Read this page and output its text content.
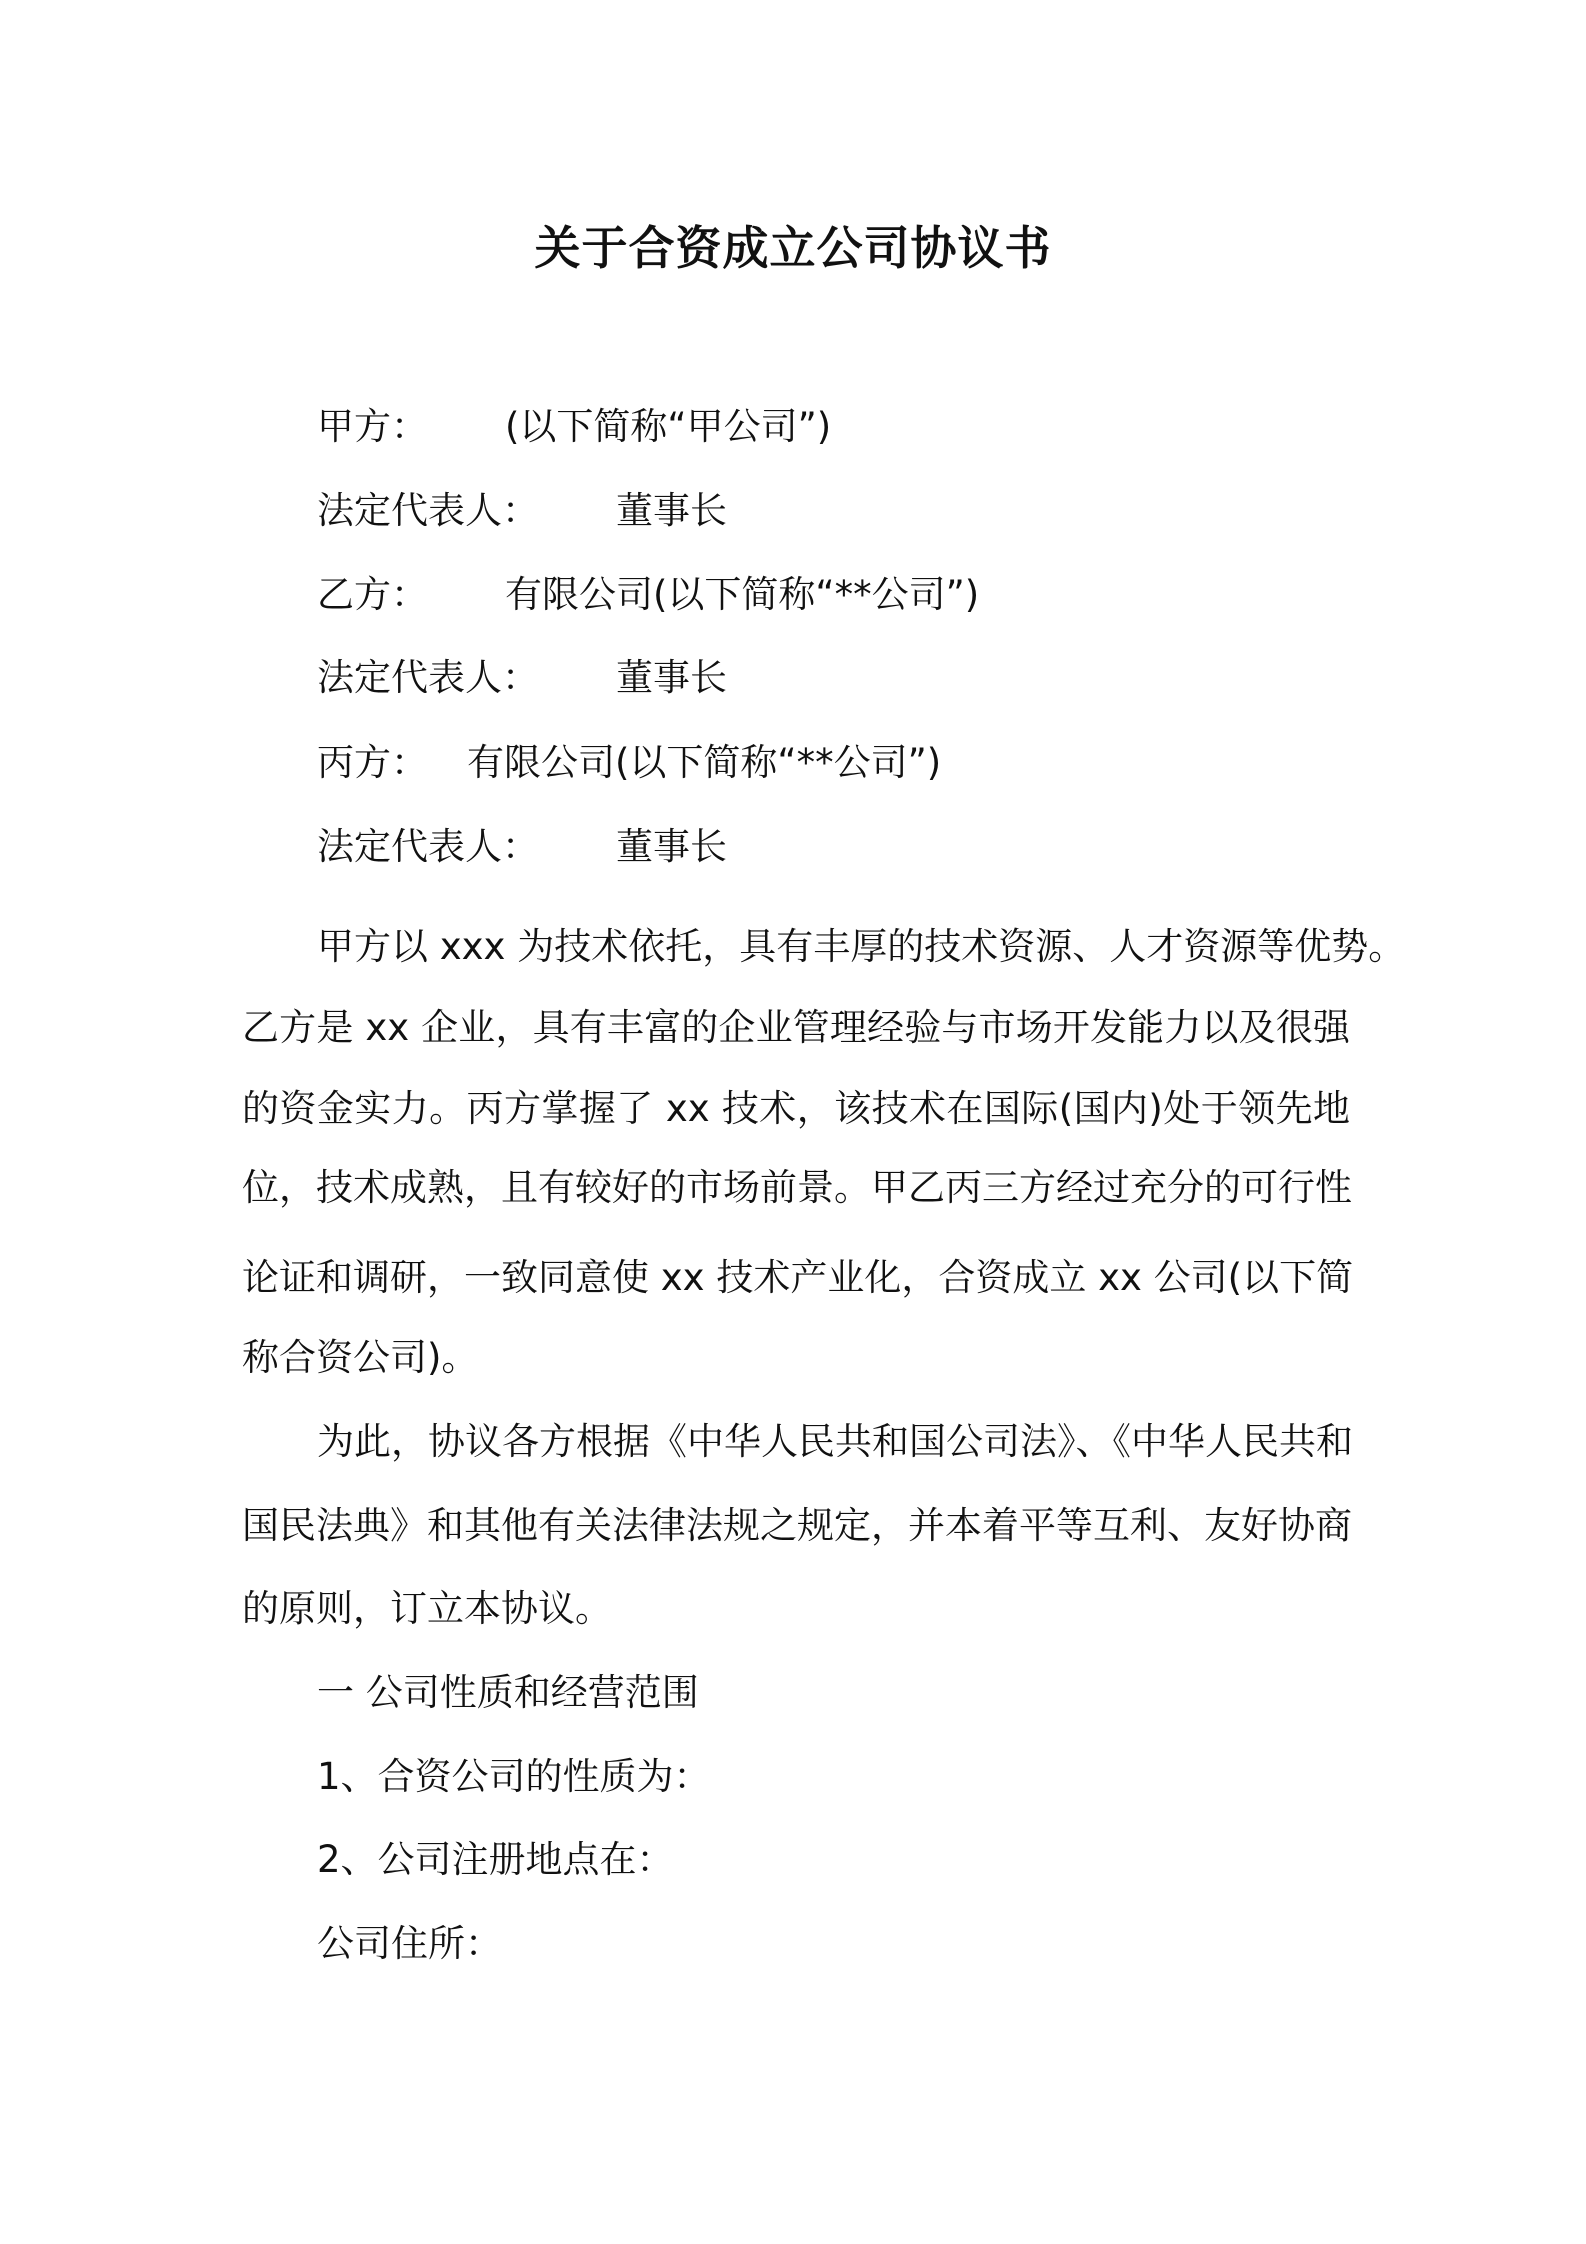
关于合资成立公司协议书
甲方： (以下简称“甲公司”)
法定代表人： 董事长
乙方： 有限公司(以下简称“**公司”)
法定代表人： 董事长
丙方： 有限公司(以下简称“**公司”)
法定代表人： 董事长
甲方以 xxx 为技术依托，具有丰厚的技术资源、人才资源等优势。
乙方是 xx 企业，具有丰富的企业管理经验与市场开发能力以及很强
的资金实力。丙方掌握了 xx 技术，该技术在国际(国内)处于领先地
位，技术成熟，且有较好的市场前景。甲乙丙三方经过充分的可行性
论证和调研，一致同意使 xx 技术产业化，合资成立 xx 公司(以下简
称合资公司)。
为此，协议各方根据《中华人民共和国公司法》、《中华人民共和
国民法典》和其他有关法律法规之规定，并本着平等互利、友好协商
的原则，订立本协议。
一 公司性质和经营范围
1、合资公司的性质为：
2、公司注册地点在：
公司住所：
